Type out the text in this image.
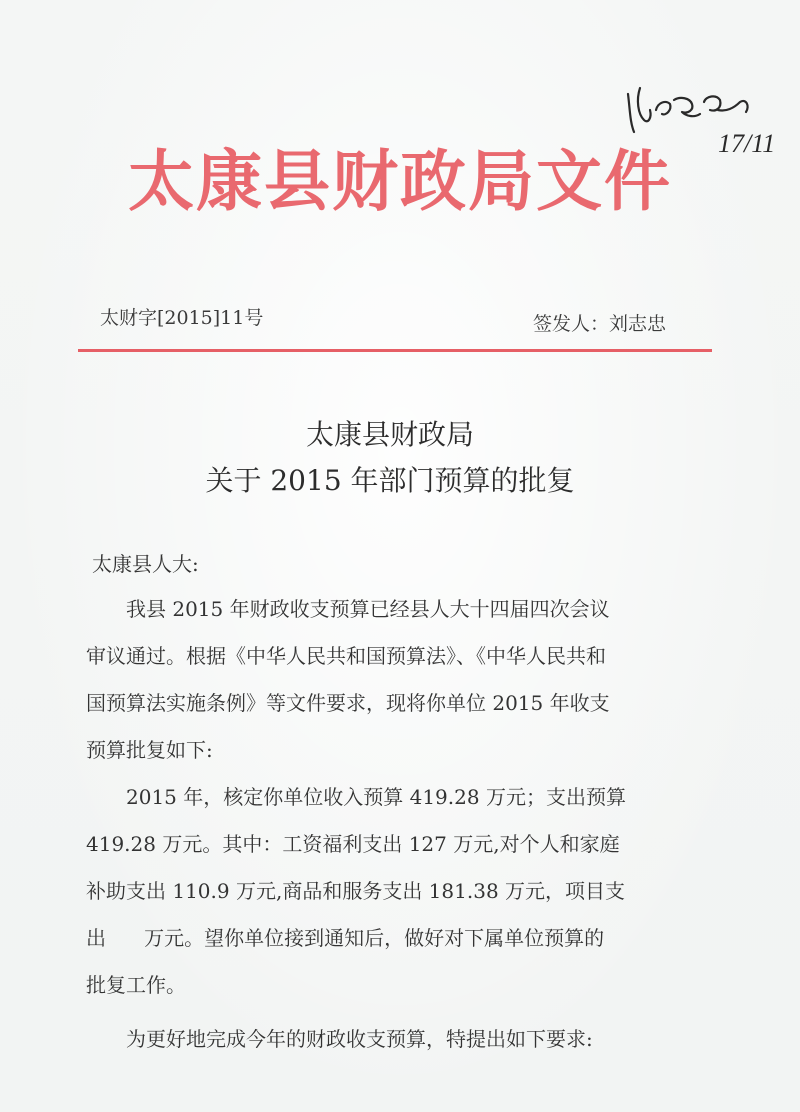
17/11
太康县财政局文件
太财字[2015]11号	签发人：刘志忠
太康县财政局
关于 2015 年部门预算的批复
太康县人大:
我县 2015 年财政收支预算已经县人大十四届四次会议
审议通过。根据《中华人民共和国预算法》、《中华人民共和
国预算法实施条例》等文件要求，现将你单位 2015 年收支
预算批复如下:
2015 年，核定你单位收入预算 419.28 万元；支出预算
419.28 万元。其中：工资福利支出 127 万元,对个人和家庭
补助支出 110.9 万元,商品和服务支出 181.38 万元，项目支
出      万元。望你单位接到通知后，做好对下属单位预算的
批复工作。
为更好地完成今年的财政收支预算，特提出如下要求:
